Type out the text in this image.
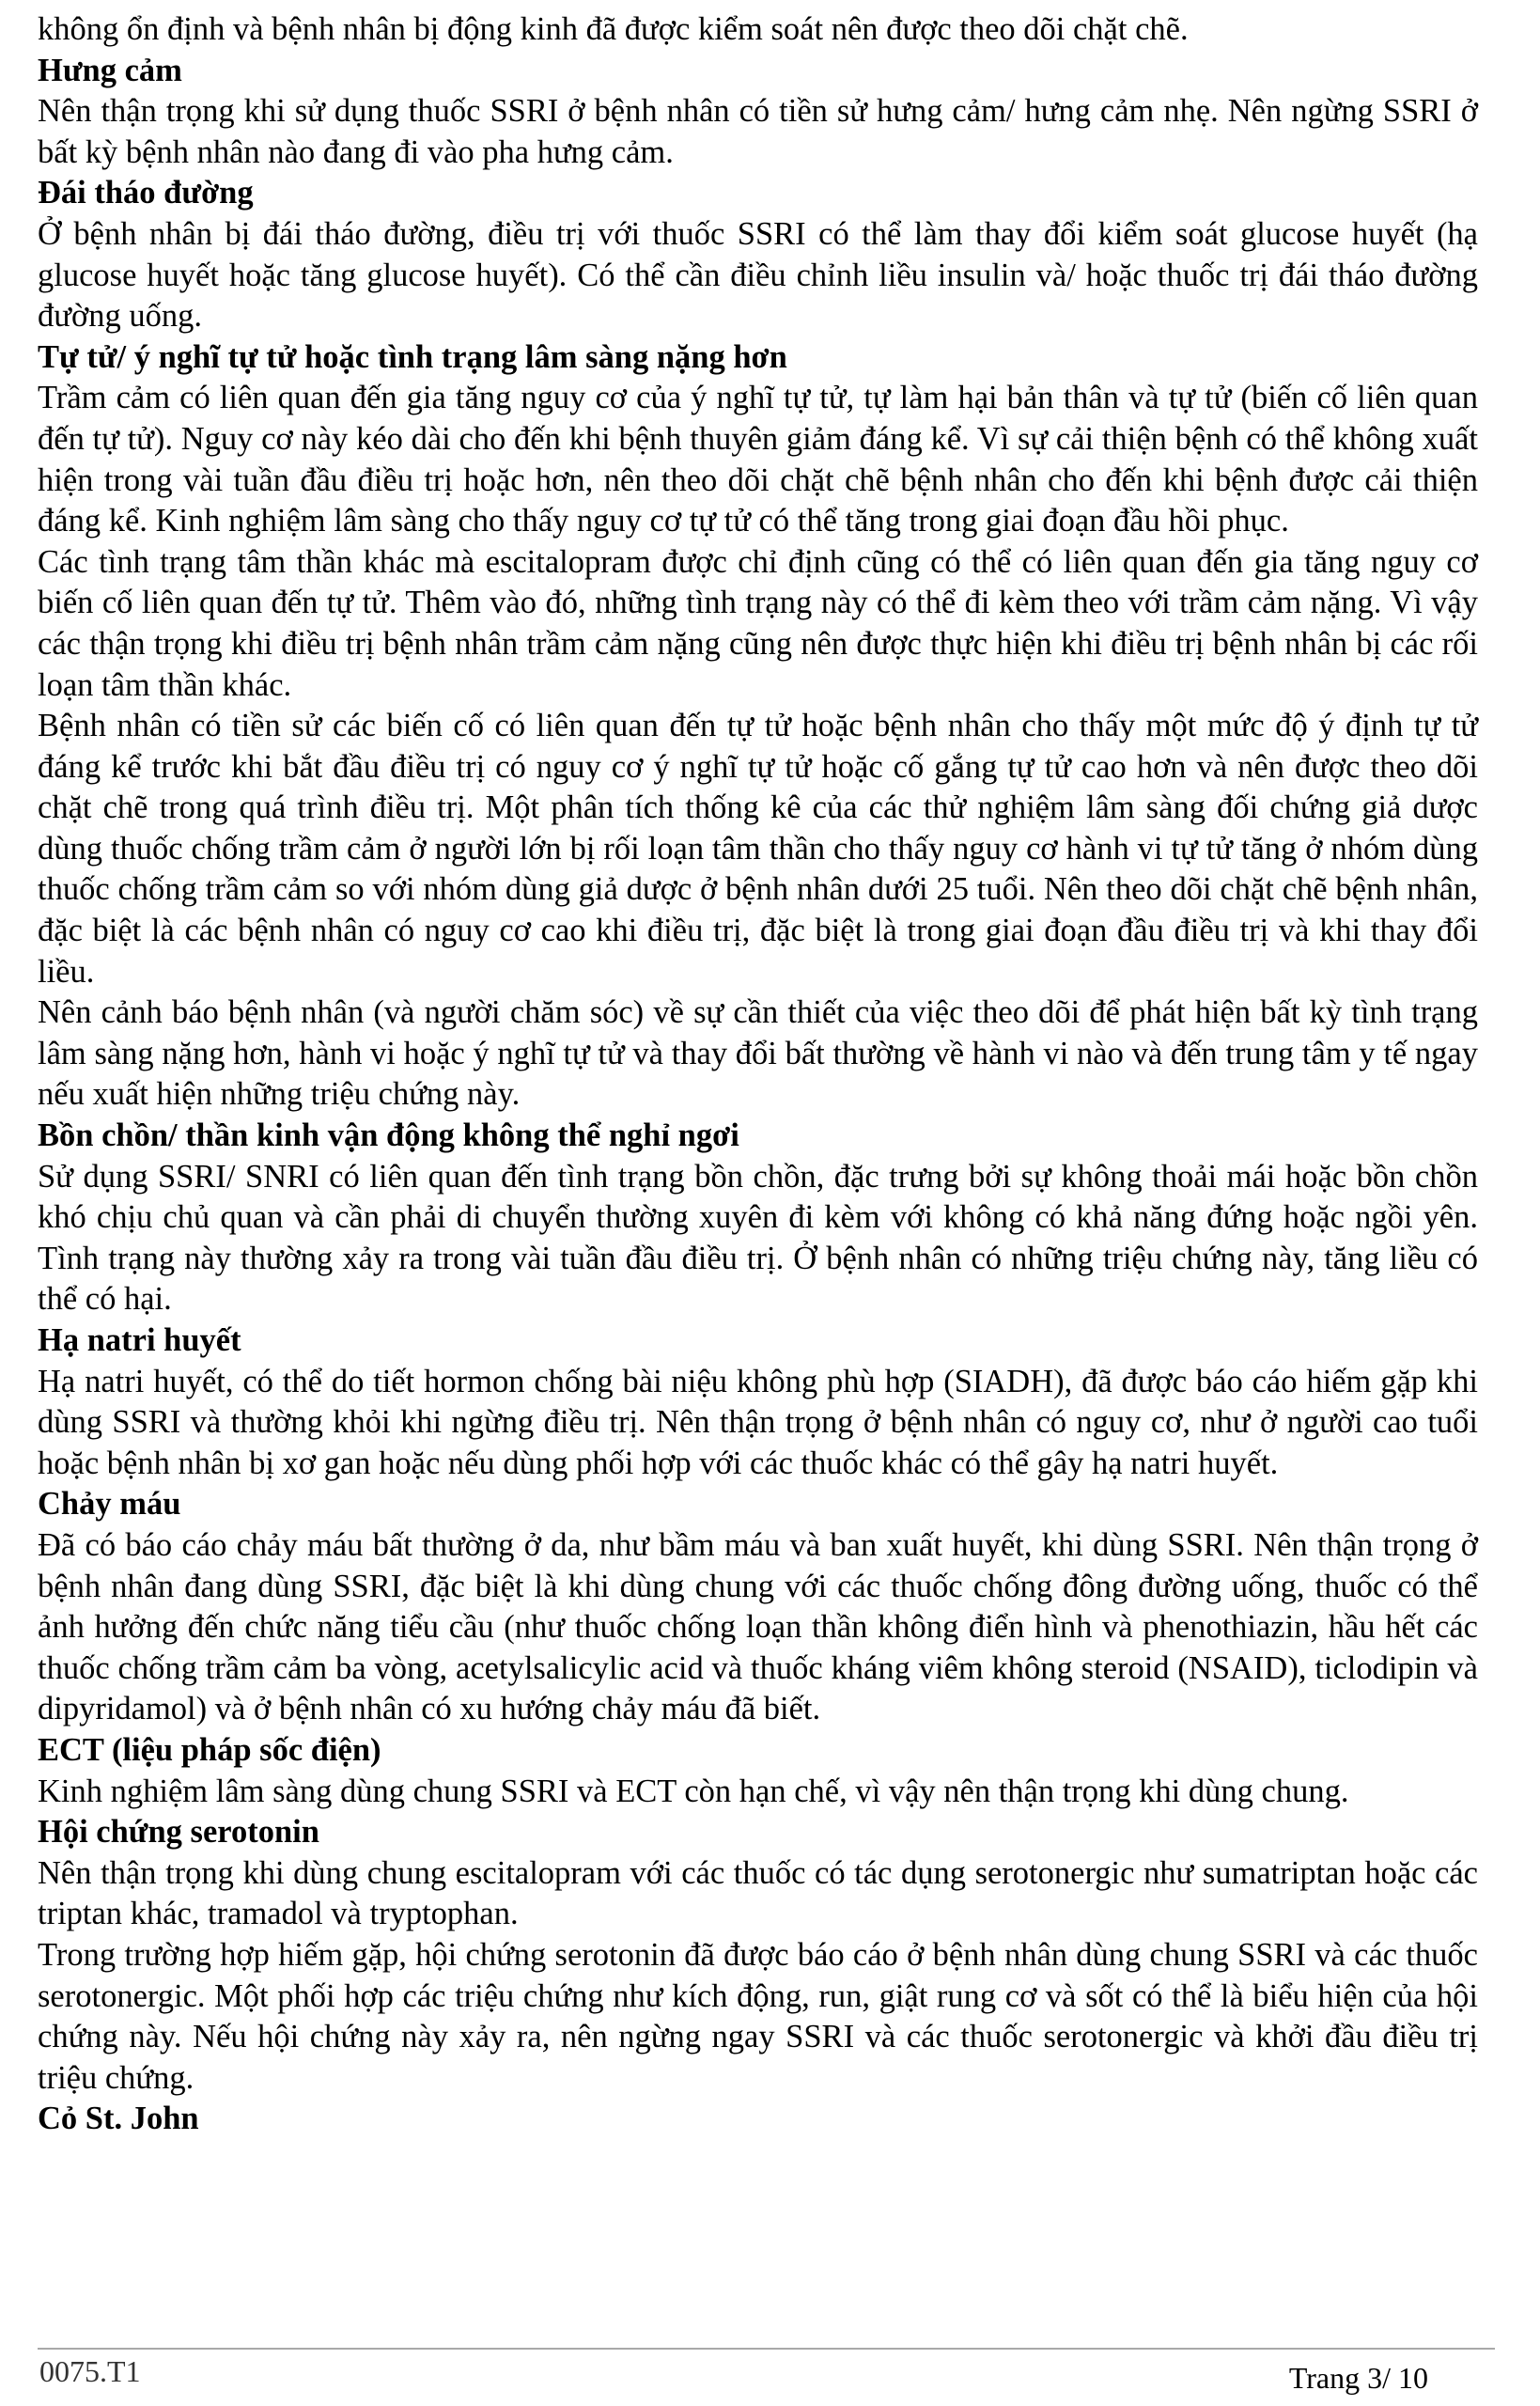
không ổn định và bệnh nhân bị động kinh đã được kiểm soát nên được theo dõi chặt chẽ.

Hưng cảm

Nên thận trọng khi sử dụng thuốc SSRI ở bệnh nhân có tiền sử hưng cảm/ hưng cảm nhẹ. Nên ngừng SSRI ở bất kỳ bệnh nhân nào đang đi vào pha hưng cảm.

Đái tháo đường

Ở bệnh nhân bị đái tháo đường, điều trị với thuốc SSRI có thể làm thay đổi kiểm soát glucose huyết (hạ glucose huyết hoặc tăng glucose huyết). Có thể cần điều chỉnh liều insulin và/ hoặc thuốc trị đái tháo đường đường uống.

Tự tử/ ý nghĩ tự tử hoặc tình trạng lâm sàng nặng hơn

Trầm cảm có liên quan đến gia tăng nguy cơ của ý nghĩ tự tử, tự làm hại bản thân và tự tử (biến cố liên quan đến tự tử). Nguy cơ này kéo dài cho đến khi bệnh thuyên giảm đáng kể. Vì sự cải thiện bệnh có thể không xuất hiện trong vài tuần đầu điều trị hoặc hơn, nên theo dõi chặt chẽ bệnh nhân cho đến khi bệnh được cải thiện đáng kể. Kinh nghiệm lâm sàng cho thấy nguy cơ tự tử có thể tăng trong giai đoạn đầu hồi phục.

Các tình trạng tâm thần khác mà escitalopram được chỉ định cũng có thể có liên quan đến gia tăng nguy cơ biến cố liên quan đến tự tử. Thêm vào đó, những tình trạng này có thể đi kèm theo với trầm cảm nặng. Vì vậy các thận trọng khi điều trị bệnh nhân trầm cảm nặng cũng nên được thực hiện khi điều trị bệnh nhân bị các rối loạn tâm thần khác.

Bệnh nhân có tiền sử các biến cố có liên quan đến tự tử hoặc bệnh nhân cho thấy một mức độ ý định tự tử đáng kể trước khi bắt đầu điều trị có nguy cơ ý nghĩ tự tử hoặc cố gắng tự tử cao hơn và nên được theo dõi chặt chẽ trong quá trình điều trị. Một phân tích thống kê của các thử nghiệm lâm sàng đối chứng giả dược dùng thuốc chống trầm cảm ở người lớn bị rối loạn tâm thần cho thấy nguy cơ hành vi tự tử tăng ở nhóm dùng thuốc chống trầm cảm so với nhóm dùng giả dược ở bệnh nhân dưới 25 tuổi. Nên theo dõi chặt chẽ bệnh nhân, đặc biệt là các bệnh nhân có nguy cơ cao khi điều trị, đặc biệt là trong giai đoạn đầu điều trị và khi thay đổi liều.

Nên cảnh báo bệnh nhân (và người chăm sóc) về sự cần thiết của việc theo dõi để phát hiện bất kỳ tình trạng lâm sàng nặng hơn, hành vi hoặc ý nghĩ tự tử và thay đổi bất thường về hành vi nào và đến trung tâm y tế ngay nếu xuất hiện những triệu chứng này.

Bồn chồn/ thần kinh vận động không thể nghỉ ngơi

Sử dụng SSRI/ SNRI có liên quan đến tình trạng bồn chồn, đặc trưng bởi sự không thoải mái hoặc bồn chồn khó chịu chủ quan và cần phải di chuyển thường xuyên đi kèm với không có khả năng đứng hoặc ngồi yên. Tình trạng này thường xảy ra trong vài tuần đầu điều trị. Ở bệnh nhân có những triệu chứng này, tăng liều có thể có hại.

Hạ natri huyết

Hạ natri huyết, có thể do tiết hormon chống bài niệu không phù hợp (SIADH), đã được báo cáo hiếm gặp khi dùng SSRI và thường khỏi khi ngừng điều trị. Nên thận trọng ở bệnh nhân có nguy cơ, như ở người cao tuổi hoặc bệnh nhân bị xơ gan hoặc nếu dùng phối hợp với các thuốc khác có thể gây hạ natri huyết.

Chảy máu

Đã có báo cáo chảy máu bất thường ở da, như bầm máu và ban xuất huyết, khi dùng SSRI. Nên thận trọng ở bệnh nhân đang dùng SSRI, đặc biệt là khi dùng chung với các thuốc chống đông đường uống, thuốc có thể ảnh hưởng đến chức năng tiểu cầu (như thuốc chống loạn thần không điển hình và phenothiazin, hầu hết các thuốc chống trầm cảm ba vòng, acetylsalicylic acid và thuốc kháng viêm không steroid (NSAID), ticlodipin và dipyridamol) và ở bệnh nhân có xu hướng chảy máu đã biết.

ECT (liệu pháp sốc điện)

Kinh nghiệm lâm sàng dùng chung SSRI và ECT còn hạn chế, vì vậy nên thận trọng khi dùng chung.

Hội chứng serotonin

Nên thận trọng khi dùng chung escitalopram với các thuốc có tác dụng serotonergic như sumatriptan hoặc các triptan khác, tramadol và tryptophan.

Trong trường hợp hiếm gặp, hội chứng serotonin đã được báo cáo ở bệnh nhân dùng chung SSRI và các thuốc serotonergic. Một phối hợp các triệu chứng như kích động, run, giật rung cơ và sốt có thể là biểu hiện của hội chứng này. Nếu hội chứng này xảy ra, nên ngừng ngay SSRI và các thuốc serotonergic và khởi đầu điều trị triệu chứng.

Cỏ St. John
0075.T1	Trang 3/ 10
